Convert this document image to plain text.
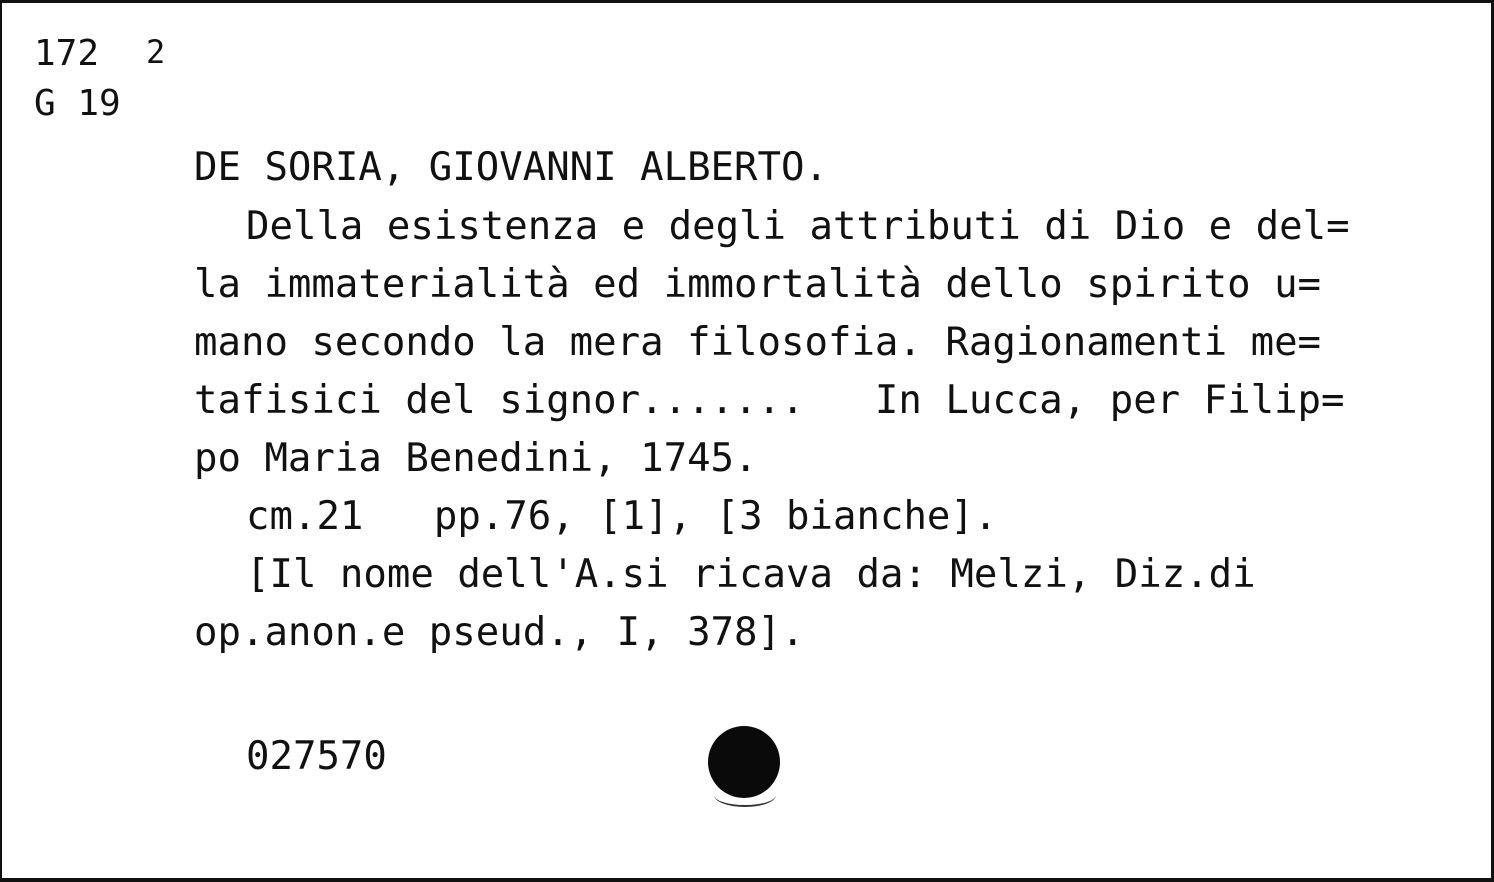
172
G 19
2
DE SORIA, GIOVANNI ALBERTO.
Della esistenza e degli attributi di Dio e del=
la immaterialità ed immortalità dello spirito u=
mano secondo la mera filosofia. Ragionamenti me=
tafisici del signor.......   In Lucca, per Filip=
po Maria Benedini, 1745.
cm.21   pp.76, [1], [3 bianche].
[Il nome dell'A.si ricava da: Melzi, Diz.di
op.anon.e pseud., I, 378].
027570
